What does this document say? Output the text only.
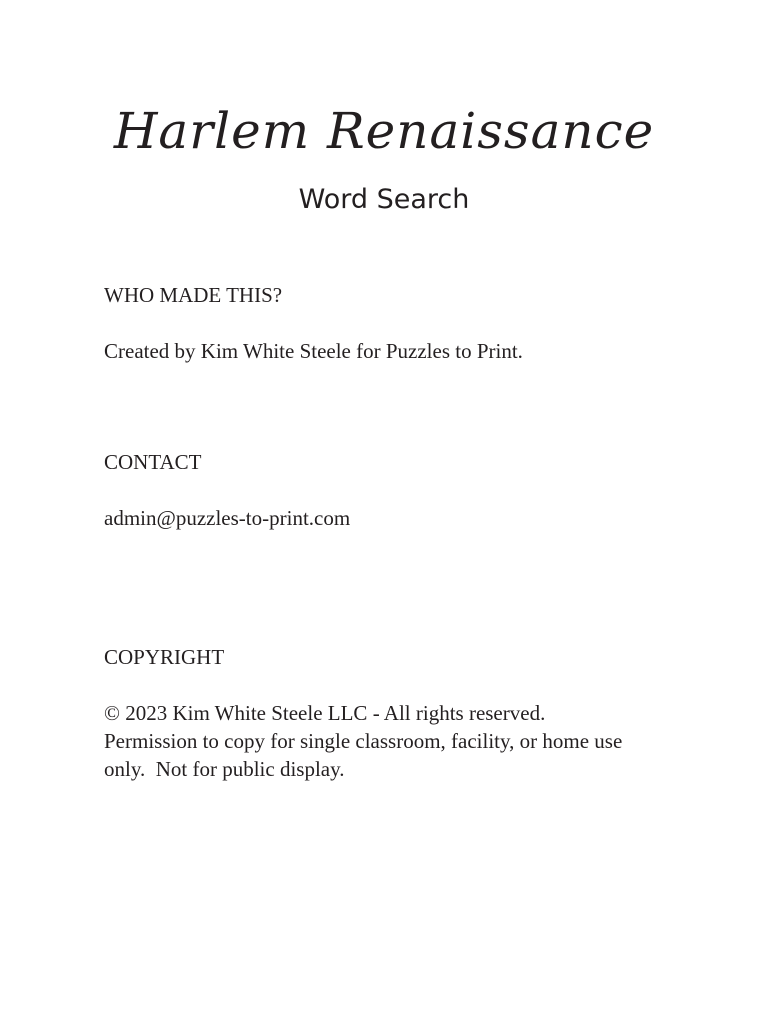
Harlem Renaissance
Word Search
WHO MADE THIS?

Created by Kim White Steele for Puzzles to Print.

CONTACT

admin@puzzles-to-print.com

COPYRIGHT

© 2023 Kim White Steele LLC - All rights reserved.
Permission to copy for single classroom, facility, or home use
only.  Not for public display.
